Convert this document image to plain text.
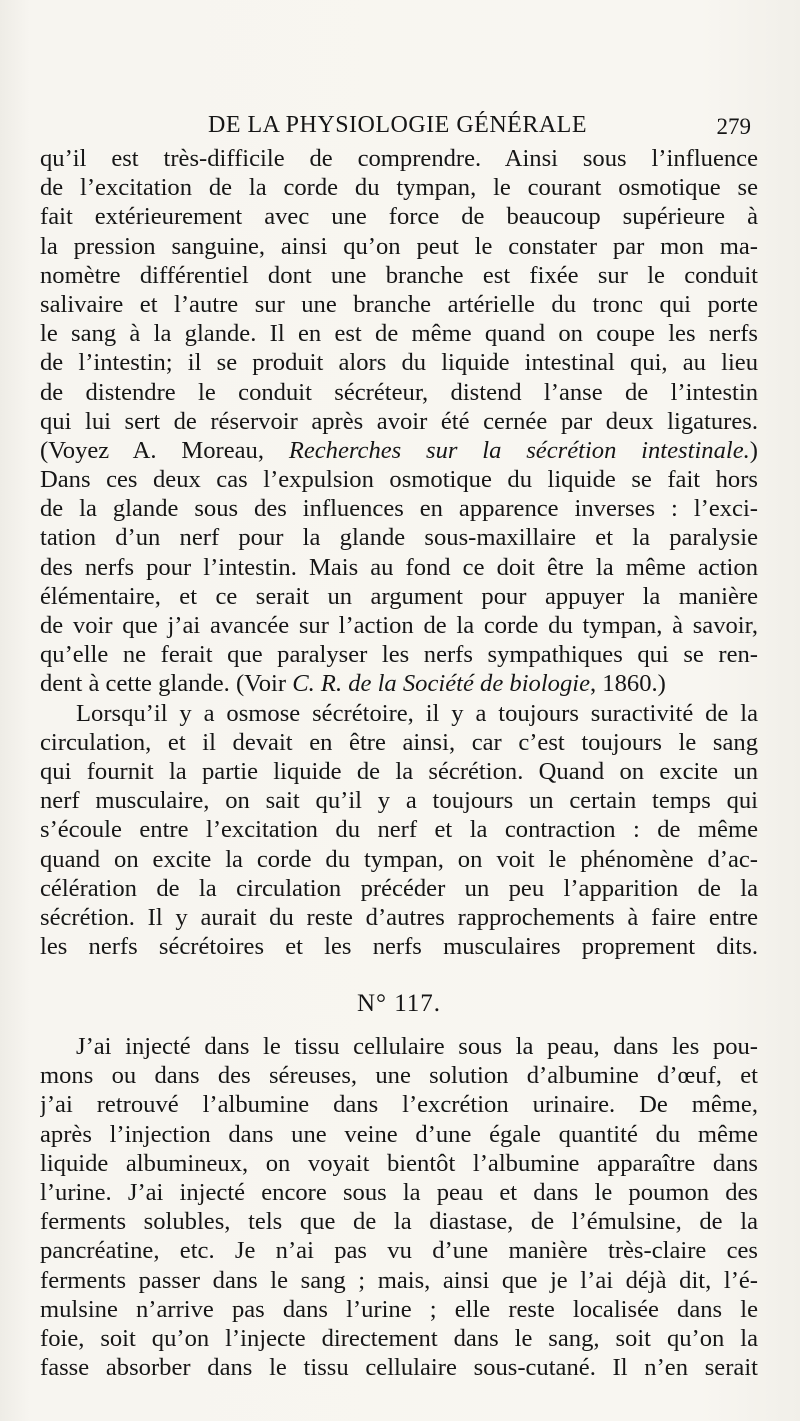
DE LA PHYSIOLOGIE GÉNÉRALE	279
qu’il est très-difficile de comprendre. Ainsi sous l’influence
de l’excitation de la corde du tympan, le courant osmotique se
fait extérieurement avec une force de beaucoup supérieure à
la pression sanguine, ainsi qu’on peut le constater par mon ma-
nomètre différentiel dont une branche est fixée sur le conduit
salivaire et l’autre sur une branche artérielle du tronc qui porte
le sang à la glande. Il en est de même quand on coupe les nerfs
de l’intestin; il se produit alors du liquide intestinal qui, au lieu
de distendre le conduit sécréteur, distend l’anse de l’intestin
qui lui sert de réservoir après avoir été cernée par deux ligatures.
(Voyez A. Moreau, Recherches sur la sécrétion intestinale.)
Dans ces deux cas l’expulsion osmotique du liquide se fait hors
de la glande sous des influences en apparence inverses : l’exci-
tation d’un nerf pour la glande sous-maxillaire et la paralysie
des nerfs pour l’intestin. Mais au fond ce doit être la même action
élémentaire, et ce serait un argument pour appuyer la manière
de voir que j’ai avancée sur l’action de la corde du tympan, à savoir,
qu’elle ne ferait que paralyser les nerfs sympathiques qui se ren-
dent à cette glande. (Voir C. R. de la Société de biologie, 1860.)
Lorsqu’il y a osmose sécrétoire, il y a toujours suractivité de la
circulation, et il devait en être ainsi, car c’est toujours le sang
qui fournit la partie liquide de la sécrétion. Quand on excite un
nerf musculaire, on sait qu’il y a toujours un certain temps qui
s’écoule entre l’excitation du nerf et la contraction : de même
quand on excite la corde du tympan, on voit le phénomène d’ac-
célération de la circulation précéder un peu l’apparition de la
sécrétion. Il y aurait du reste d’autres rapprochements à faire entre
les nerfs sécrétoires et les nerfs musculaires proprement dits.
N° 117.
J’ai injecté dans le tissu cellulaire sous la peau, dans les pou-
mons ou dans des séreuses, une solution d’albumine d’œuf, et
j’ai retrouvé l’albumine dans l’excrétion urinaire. De même,
après l’injection dans une veine d’une égale quantité du même
liquide albumineux, on voyait bientôt l’albumine apparaître dans
l’urine. J’ai injecté encore sous la peau et dans le poumon des
ferments solubles, tels que de la diastase, de l’émulsine, de la
pancréatine, etc. Je n’ai pas vu d’une manière très-claire ces
ferments passer dans le sang ; mais, ainsi que je l’ai déjà dit, l’é-
mulsine n’arrive pas dans l’urine ; elle reste localisée dans le
foie, soit qu’on l’injecte directement dans le sang, soit qu’on la
fasse absorber dans le tissu cellulaire sous-cutané. Il n’en serait
